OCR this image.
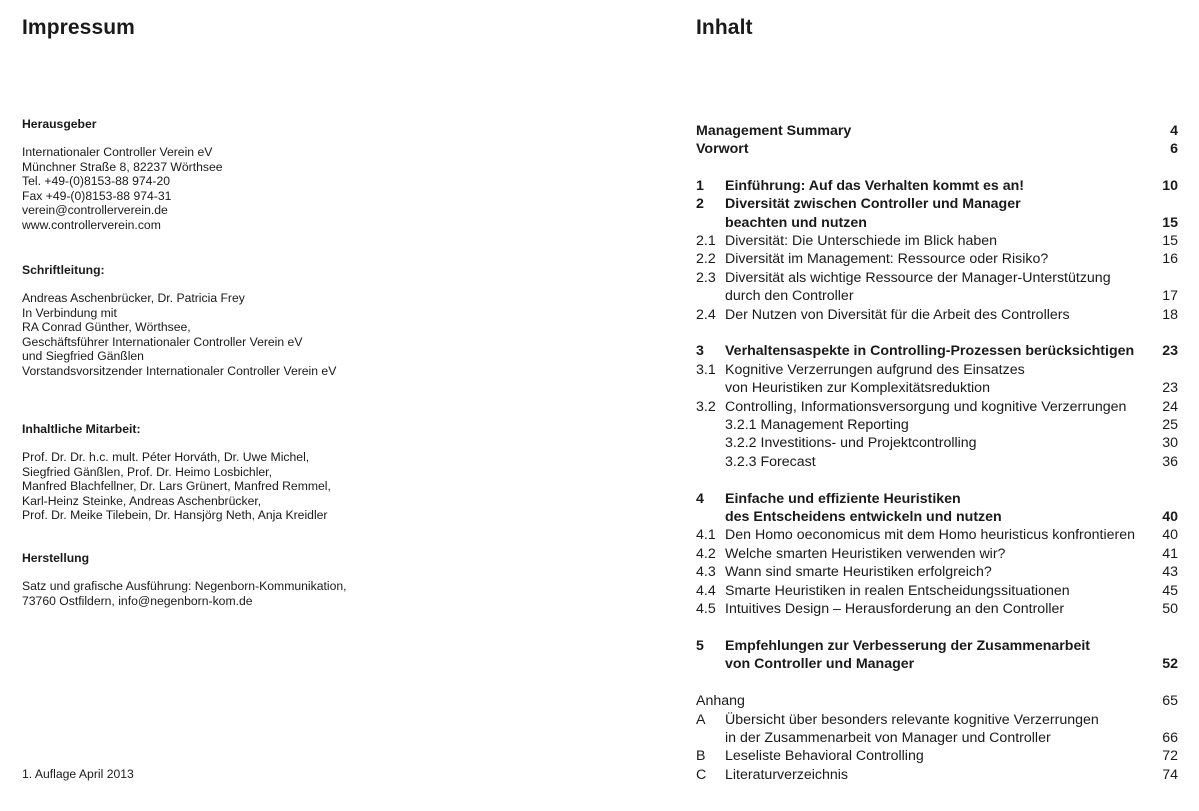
Impressum
Herausgeber
Internationaler Controller Verein eV
Münchner Straße 8, 82237 Wörthsee
Tel. +49-(0)8153-88 974-20
Fax +49-(0)8153-88 974-31
verein@controllerverein.de
www.controllerverein.com
Schriftleitung:
Andreas Aschenbrücker, Dr. Patricia Frey
In Verbindung mit
RA Conrad Günther, Wörthsee,
Geschäftsführer Internationaler Controller Verein eV
und Siegfried Gänßlen
Vorstandsvorsitzender Internationaler Controller Verein eV
Inhaltliche Mitarbeit:
Prof. Dr. Dr. h.c. mult. Péter Horváth, Dr. Uwe Michel,
Siegfried Gänßlen, Prof. Dr. Heimo Losbichler,
Manfred Blachfellner, Dr. Lars Grünert, Manfred Remmel,
Karl-Heinz Steinke, Andreas Aschenbrücker,
Prof. Dr. Meike Tilebein, Dr. Hansjörg Neth, Anja Kreidler
Herstellung
Satz und grafische Ausführung: Negenborn-Kommunikation,
73760 Ostfildern, info@negenborn-kom.de
1. Auflage April 2013
Inhalt
Management Summary	4
Vorwort	6
1 Einführung: Auf das Verhalten kommt es an!	10
2 Diversität zwischen Controller und Manager
beachten und nutzen	15
2.1 Diversität: Die Unterschiede im Blick haben	15
2.2 Diversität im Management: Ressource oder Risiko?	16
2.3 Diversität als wichtige Ressource der Manager-Unterstützung
durch den Controller	17
2.4 Der Nutzen von Diversität für die Arbeit des Controllers	18
3 Verhaltensaspekte in Controlling-Prozessen berücksichtigen 23
3.1 Kognitive Verzerrungen aufgrund des Einsatzes
von Heuristiken zur Komplexitätsreduktion	23
3.2 Controlling, Informationsversorgung und kognitive Verzerrungen	24
3.2.1 Management Reporting	25
3.2.2 Investitions- und Projektcontrolling	30
3.2.3 Forecast	36
4 Einfache und effiziente Heuristiken
des Entscheidens entwickeln und nutzen	40
4.1 Den Homo oeconomicus mit dem Homo heuristicus konfrontieren 40
4.2 Welche smarten Heuristiken verwenden wir?	41
4.3 Wann sind smarte Heuristiken erfolgreich?	43
4.4 Smarte Heuristiken in realen Entscheidungssituationen	45
4.5 Intuitives Design – Herausforderung an den Controller	50
5 Empfehlungen zur Verbesserung der Zusammenarbeit
von Controller und Manager	52
Anhang	65
A Übersicht über besonders relevante kognitive Verzerrungen
in der Zusammenarbeit von Manager und Controller	66
B Leseliste Behavioral Controlling	72
C Literaturverzeichnis	74
